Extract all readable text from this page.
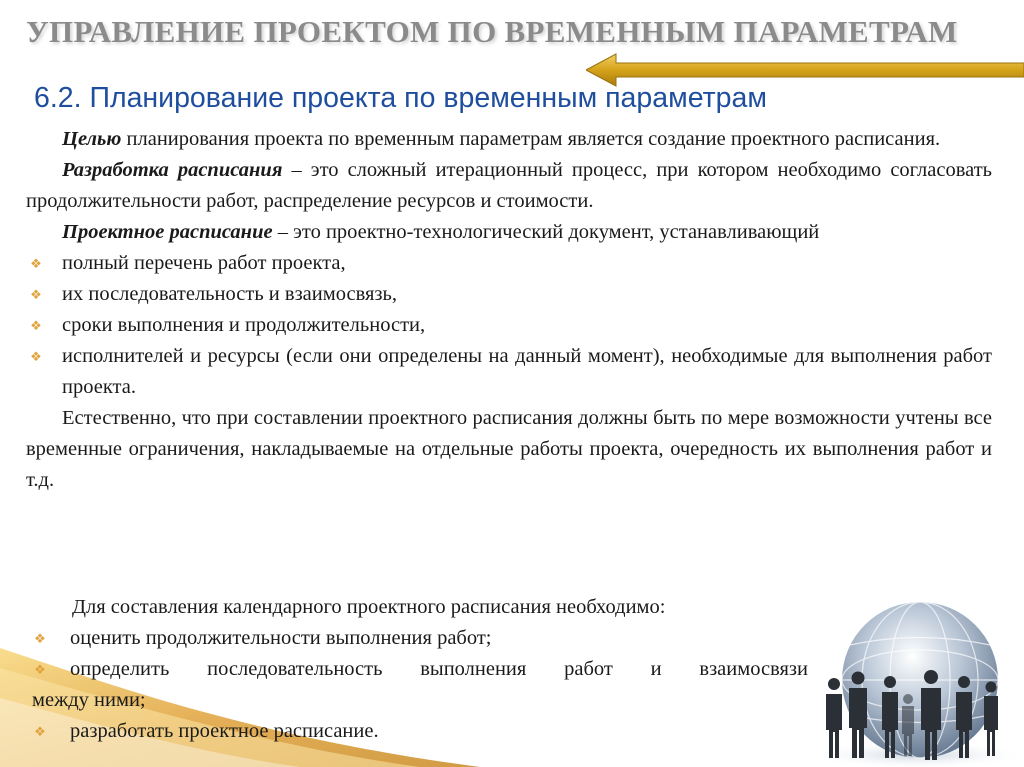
УПРАВЛЕНИЕ ПРОЕКТОМ ПО ВРЕМЕННЫМ ПАРАМЕТРАМ
6.2. Планирование проекта по временным параметрам

Целью планирования проекта по временным параметрам является создание проектного расписания.

Разработка расписания – это сложный итерационный процесс, при котором необходимо согласовать продолжительности работ, распределение ресурсов и стоимости.

Проектное расписание – это проектно-технологический документ, устанавливающий

❖ полный перечень работ проекта,
❖ их последовательность и взаимосвязь,
❖ сроки выполнения и продолжительности,
❖ исполнителей и ресурсы (если они определены на данный момент), необходимые для выполнения работ проекта.

Естественно, что при составлении проектного расписания должны быть по мере возможности учтены все временные ограничения, накладываемые на отдельные работы проекта, очередность их выполнения работ и т.д.

Для составления календарного проектного расписания необходимо:

❖ оценить продолжительности выполнения работ;
❖ определить последовательность выполнения работ и взаимосвязи

между ними;

❖ разработать проектное расписание.
